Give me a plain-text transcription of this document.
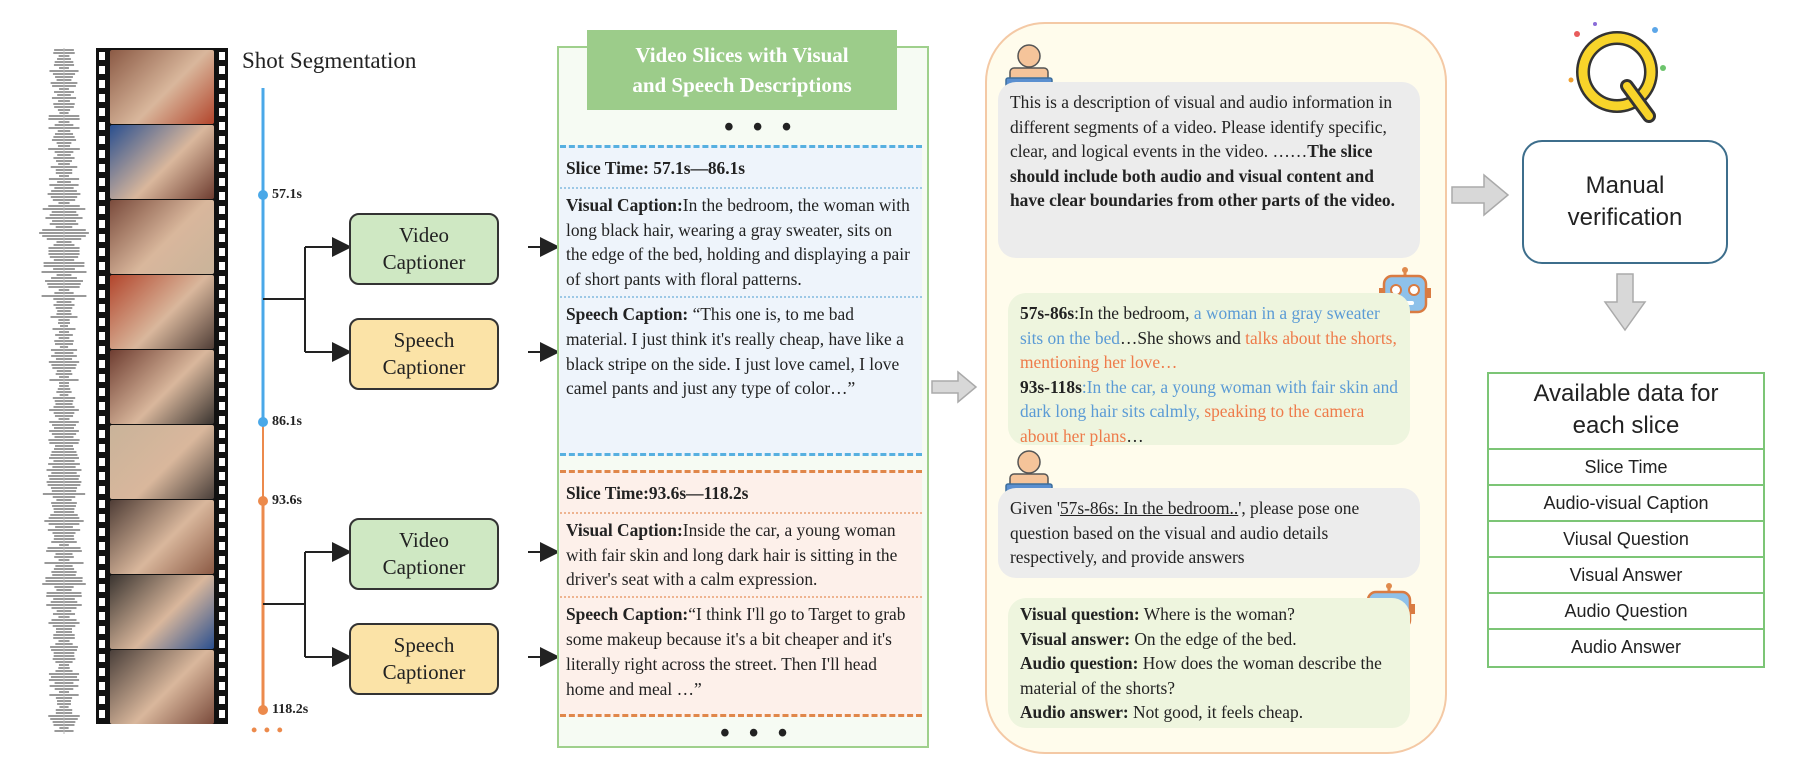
Shot Segmentation
57.1s
86.1s
93.6s
118.2s
• • •
Video
Captioner
Speech
Captioner
Video
Captioner
Speech
Captioner
Video Slices with Visual
and Speech Descriptions
• • •

Slice Time: 57.1s—86.1s

Visual Caption:In the bedroom, the woman with long black hair, wearing a gray sweater, sits on the edge of the bed, holding and displaying a pair of short pants with floral patterns.

Speech Caption: “This one is, to me bad material. I just think it's really cheap, have like a black stripe on the side. I just love camel, I love camel pants and just any type of color…”

Slice Time:93.6s—118.2s

Visual Caption:Inside the car, a young woman with fair skin and long dark hair is sitting in the driver's seat with a calm expression.

Speech Caption:“I think I'll go to Target to grab some makeup because it's a bit cheaper and it's literally right across the street. Then I'll head home and meal …”

• • •
This is a description of visual and audio information in different segments of a video. Please identify specific, clear, and logical events in the video. ……The slice should include both audio and visual content and have clear boundaries from other parts of the video.
57s-86s:In the bedroom, a woman in a gray sweater sits on the bed…She shows and talks about the shorts, mentioning her love…
93s-118s:In the car, a young woman with fair skin and dark long hair sits calmly, speaking to the camera about her plans…
Given '57s-86s: In the bedroom..', please pose one question based on the visual and audio details respectively, and provide answers
Visual question: Where is the woman?
Visual answer: On the edge of the bed.
Audio question: How does the woman describe the material of the shorts?
Audio answer: Not good, it feels cheap.
Manual
verification
Available data for
each slice
Slice Time
Audio-visual Caption
Viusal Question
Visual Answer
Audio Question
Audio Answer
